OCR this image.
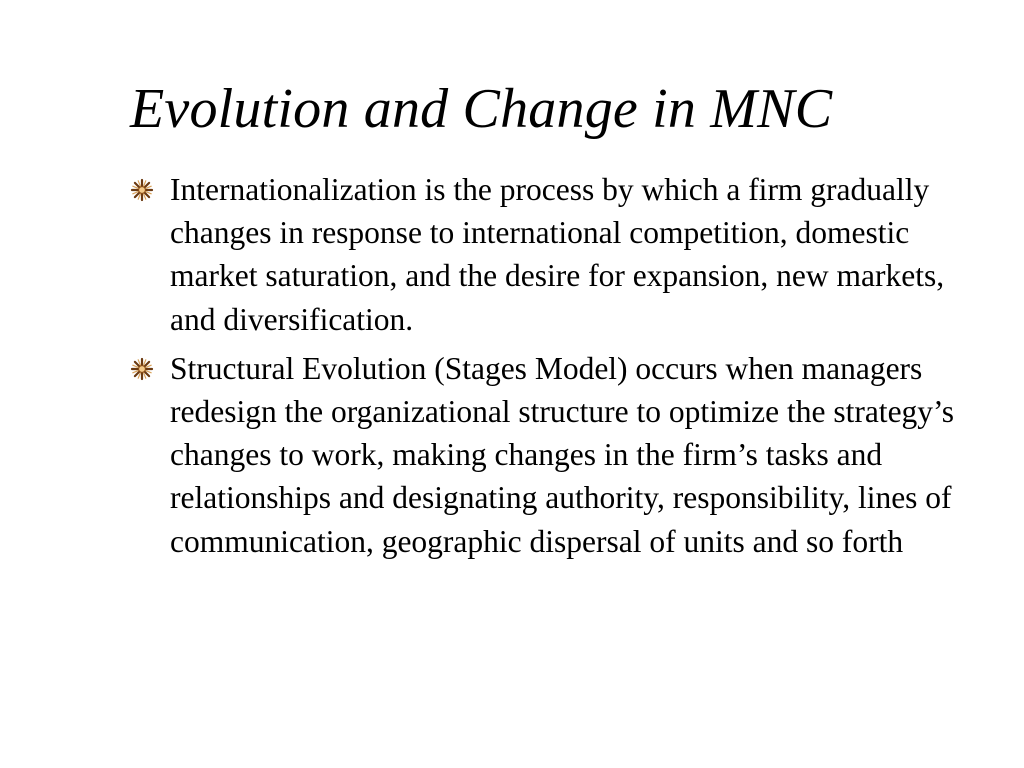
Evolution and Change in MNC
Internationalization is the process by which a firm gradually changes in response to international competition, domestic market saturation, and the desire for expansion, new markets, and diversification.
Structural Evolution (Stages Model) occurs when managers redesign the organizational structure to optimize the strategy’s changes to work, making changes in the firm’s tasks and relationships and designating authority, responsibility, lines of communication, geographic dispersal of units and so forth
